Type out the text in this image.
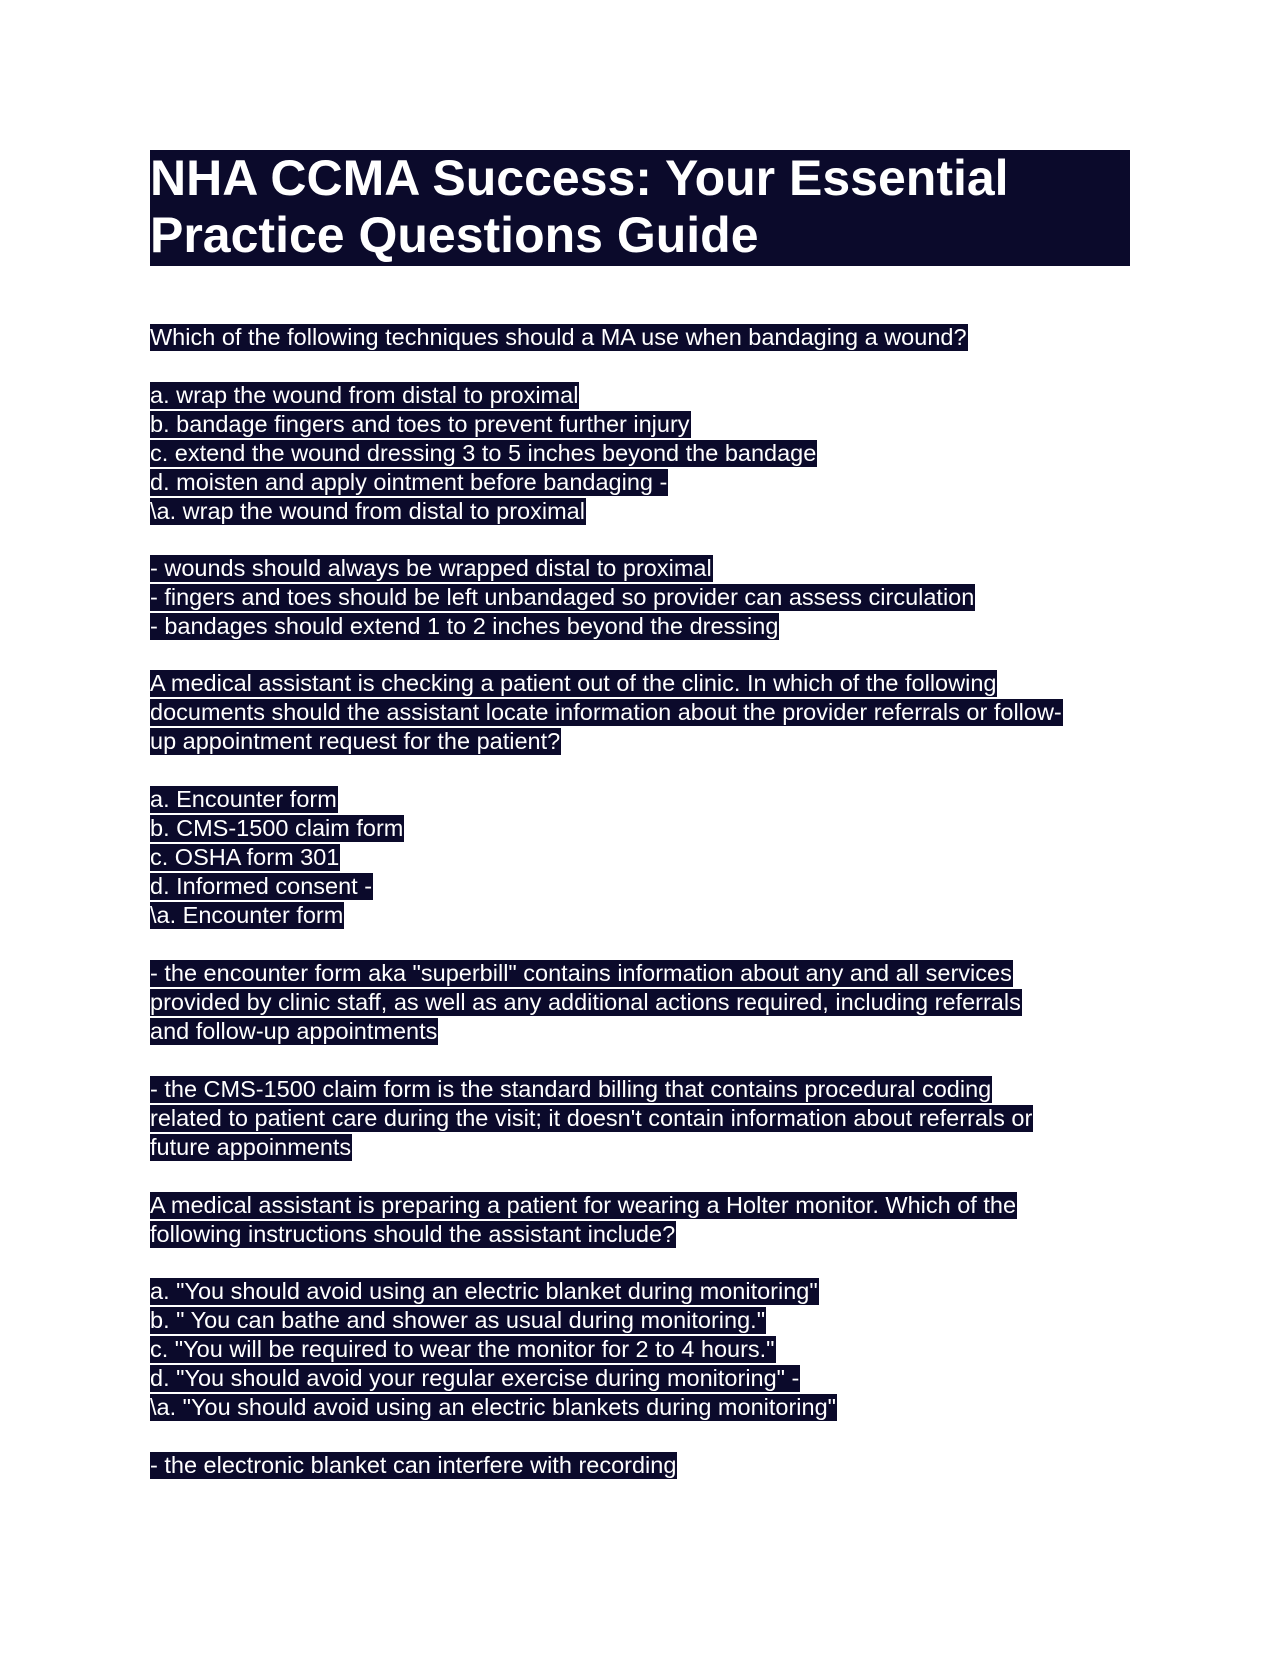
NHA CCMA Success: Your Essential
Practice Questions Guide
Which of the following techniques should a MA use when bandaging a wound?
a. wrap the wound from distal to proximal
b. bandage fingers and toes to prevent further injury
c. extend the wound dressing 3 to 5 inches beyond the bandage
d. moisten and apply ointment before bandaging -
\a. wrap the wound from distal to proximal
- wounds should always be wrapped distal to proximal
- fingers and toes should be left unbandaged so provider can assess circulation
- bandages should extend 1 to 2 inches beyond the dressing
A medical assistant is checking a patient out of the clinic. In which of the following
documents should the assistant locate information about the provider referrals or follow-
up appointment request for the patient?
a. Encounter form
b. CMS-1500 claim form
c. OSHA form 301
d. Informed consent -
\a. Encounter form
- the encounter form aka "superbill" contains information about any and all services
provided by clinic staff, as well as any additional actions required, including referrals
and follow-up appointments
- the CMS-1500 claim form is the standard billing that contains procedural coding
related to patient care during the visit; it doesn't contain information about referrals or
future appoinments
A medical assistant is preparing a patient for wearing a Holter monitor. Which of the
following instructions should the assistant include?
a. "You should avoid using an electric blanket during monitoring"
b. " You can bathe and shower as usual during monitoring."
c. "You will be required to wear the monitor for 2 to 4 hours."
d. "You should avoid your regular exercise during monitoring" -
\a. "You should avoid using an electric blankets during monitoring"
- the electronic blanket can interfere with recording
